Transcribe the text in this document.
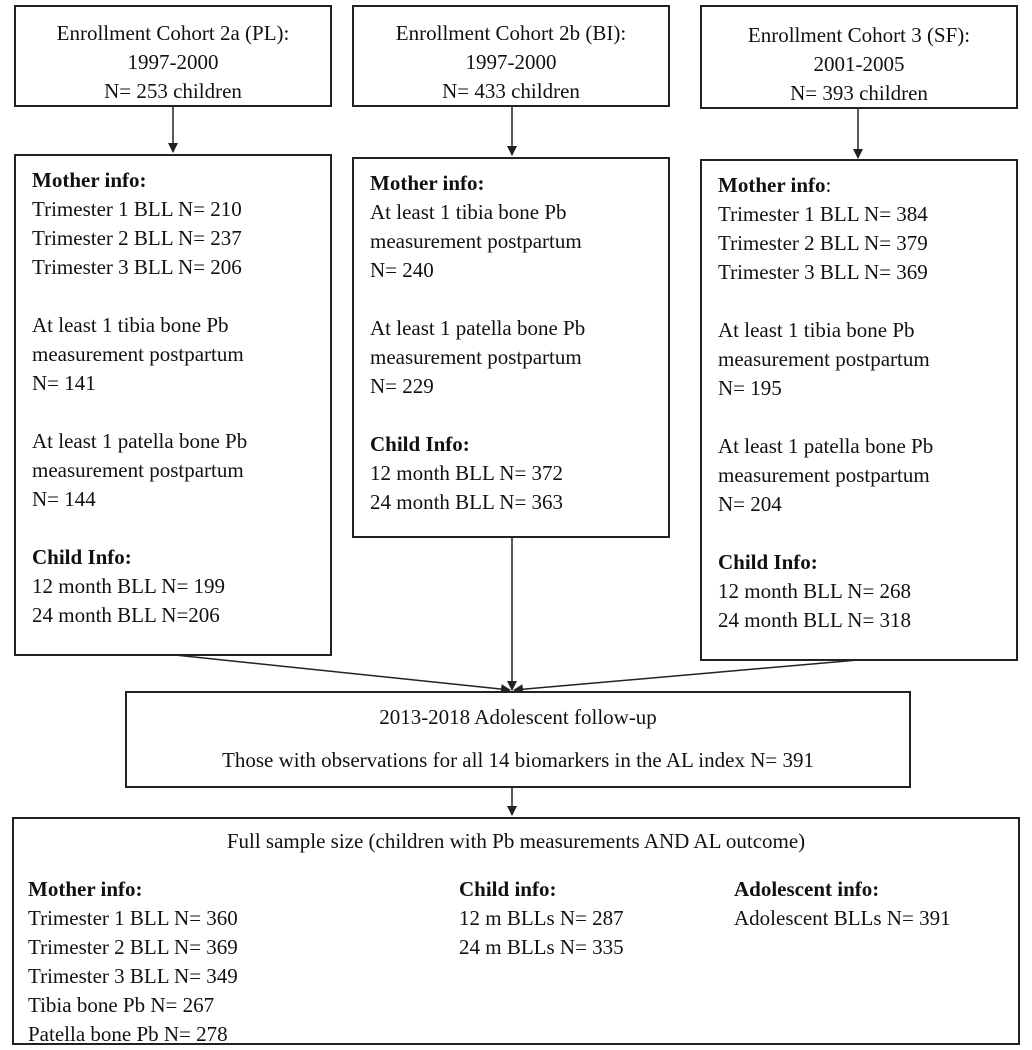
Enrollment Cohort 2a (PL):
1997-2000
N= 253 children
Enrollment Cohort 2b (BI):
1997-2000
N= 433 children
Enrollment Cohort 3 (SF):
2001-2005
N= 393 children
Mother info:
Trimester 1 BLL N= 210
Trimester 2 BLL N= 237
Trimester 3 BLL N= 206
At least 1 tibia bone Pb
measurement postpartum
N= 141
At least 1 patella bone Pb
measurement postpartum
N= 144
Child Info:
12 month BLL N= 199
24 month BLL N=206
Mother info:
At least 1 tibia bone Pb
measurement postpartum
N= 240
At least 1 patella bone Pb
measurement postpartum
N= 229
Child Info:
12 month BLL N= 372
24 month BLL N= 363
Mother info:
Trimester 1 BLL N= 384
Trimester 2 BLL N= 379
Trimester 3 BLL N= 369
At least 1 tibia bone Pb
measurement postpartum
N= 195
At least 1 patella bone Pb
measurement postpartum
N= 204
Child Info:
12 month BLL N= 268
24 month BLL N= 318
2013-2018 Adolescent follow-up
Those with observations for all 14 biomarkers in the AL index N= 391
Full sample size (children with Pb measurements AND AL outcome)
Mother info:
Trimester 1 BLL N= 360
Trimester 2 BLL N= 369
Trimester 3 BLL N= 349
Tibia bone Pb N= 267
Patella bone Pb N= 278
Child info:
12 m BLLs N= 287
24 m BLLs N= 335
Adolescent info:
Adolescent BLLs N= 391
